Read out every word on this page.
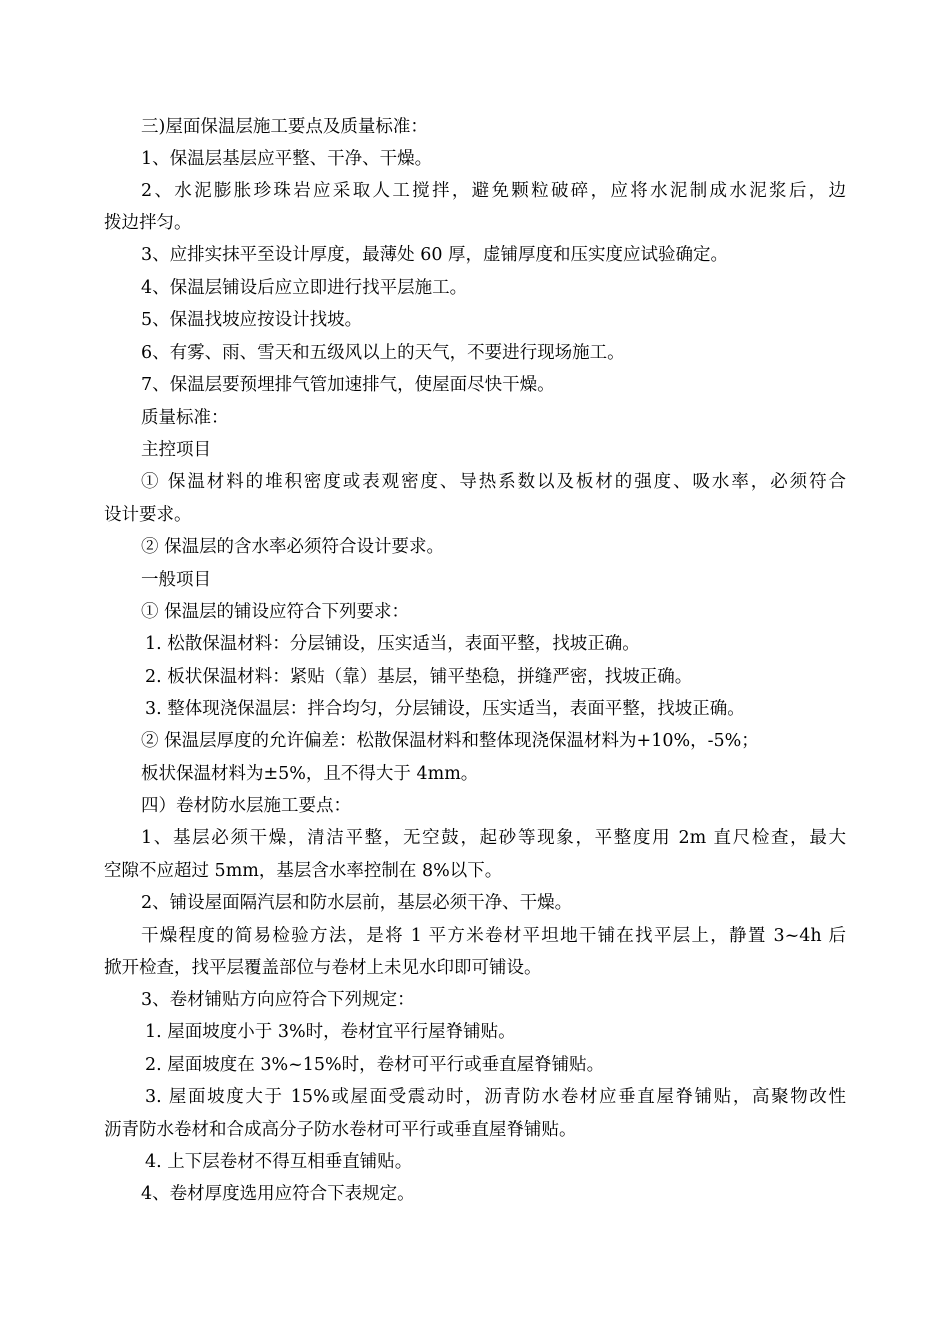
三)屋面保温层施工要点及质量标准：
1、保温层基层应平整、干净、干燥。
2、水泥膨胀珍珠岩应采取人工搅拌，避免颗粒破碎，应将水泥制成水泥浆后，边
拨边拌匀。
3、应排实抹平至设计厚度，最薄处 60 厚，虚铺厚度和压实度应试验确定。
4、保温层铺设后应立即进行找平层施工。
5、保温找坡应按设计找坡。
6、有雾、雨、雪天和五级风以上的天气，不要进行现场施工。
7、保温层要预埋排气管加速排气，使屋面尽快干燥。
质量标准：
主控项目
① 保温材料的堆积密度或表观密度、导热系数以及板材的强度、吸水率，必须符合
设计要求。
② 保温层的含水率必须符合设计要求。
一般项目
① 保温层的铺设应符合下列要求：
1. 松散保温材料：分层铺设，压实适当，表面平整，找坡正确。
2. 板状保温材料：紧贴（靠）基层，铺平垫稳，拼缝严密，找坡正确。
3. 整体现浇保温层：拌合均匀，分层铺设，压实适当，表面平整，找坡正确。
② 保温层厚度的允许偏差：松散保温材料和整体现浇保温材料为+10%，-5%；
板状保温材料为±5%，且不得大于 4mm。
四）卷材防水层施工要点：
1、基层必须干燥，清洁平整，无空鼓，起砂等现象，平整度用 2m 直尺检查，最大
空隙不应超过 5mm，基层含水率控制在 8%以下。
2、铺设屋面隔汽层和防水层前，基层必须干净、干燥。
干燥程度的简易检验方法，是将 1 平方米卷材平坦地干铺在找平层上，静置 3~4h 后
掀开检查，找平层覆盖部位与卷材上未见水印即可铺设。
3、卷材铺贴方向应符合下列规定：
1. 屋面坡度小于 3%时，卷材宜平行屋脊铺贴。
2. 屋面坡度在 3%~15%时，卷材可平行或垂直屋脊铺贴。
3. 屋面坡度大于 15%或屋面受震动时，沥青防水卷材应垂直屋脊铺贴，高聚物改性
沥青防水卷材和合成高分子防水卷材可平行或垂直屋脊铺贴。
4. 上下层卷材不得互相垂直铺贴。
4、卷材厚度选用应符合下表规定。
